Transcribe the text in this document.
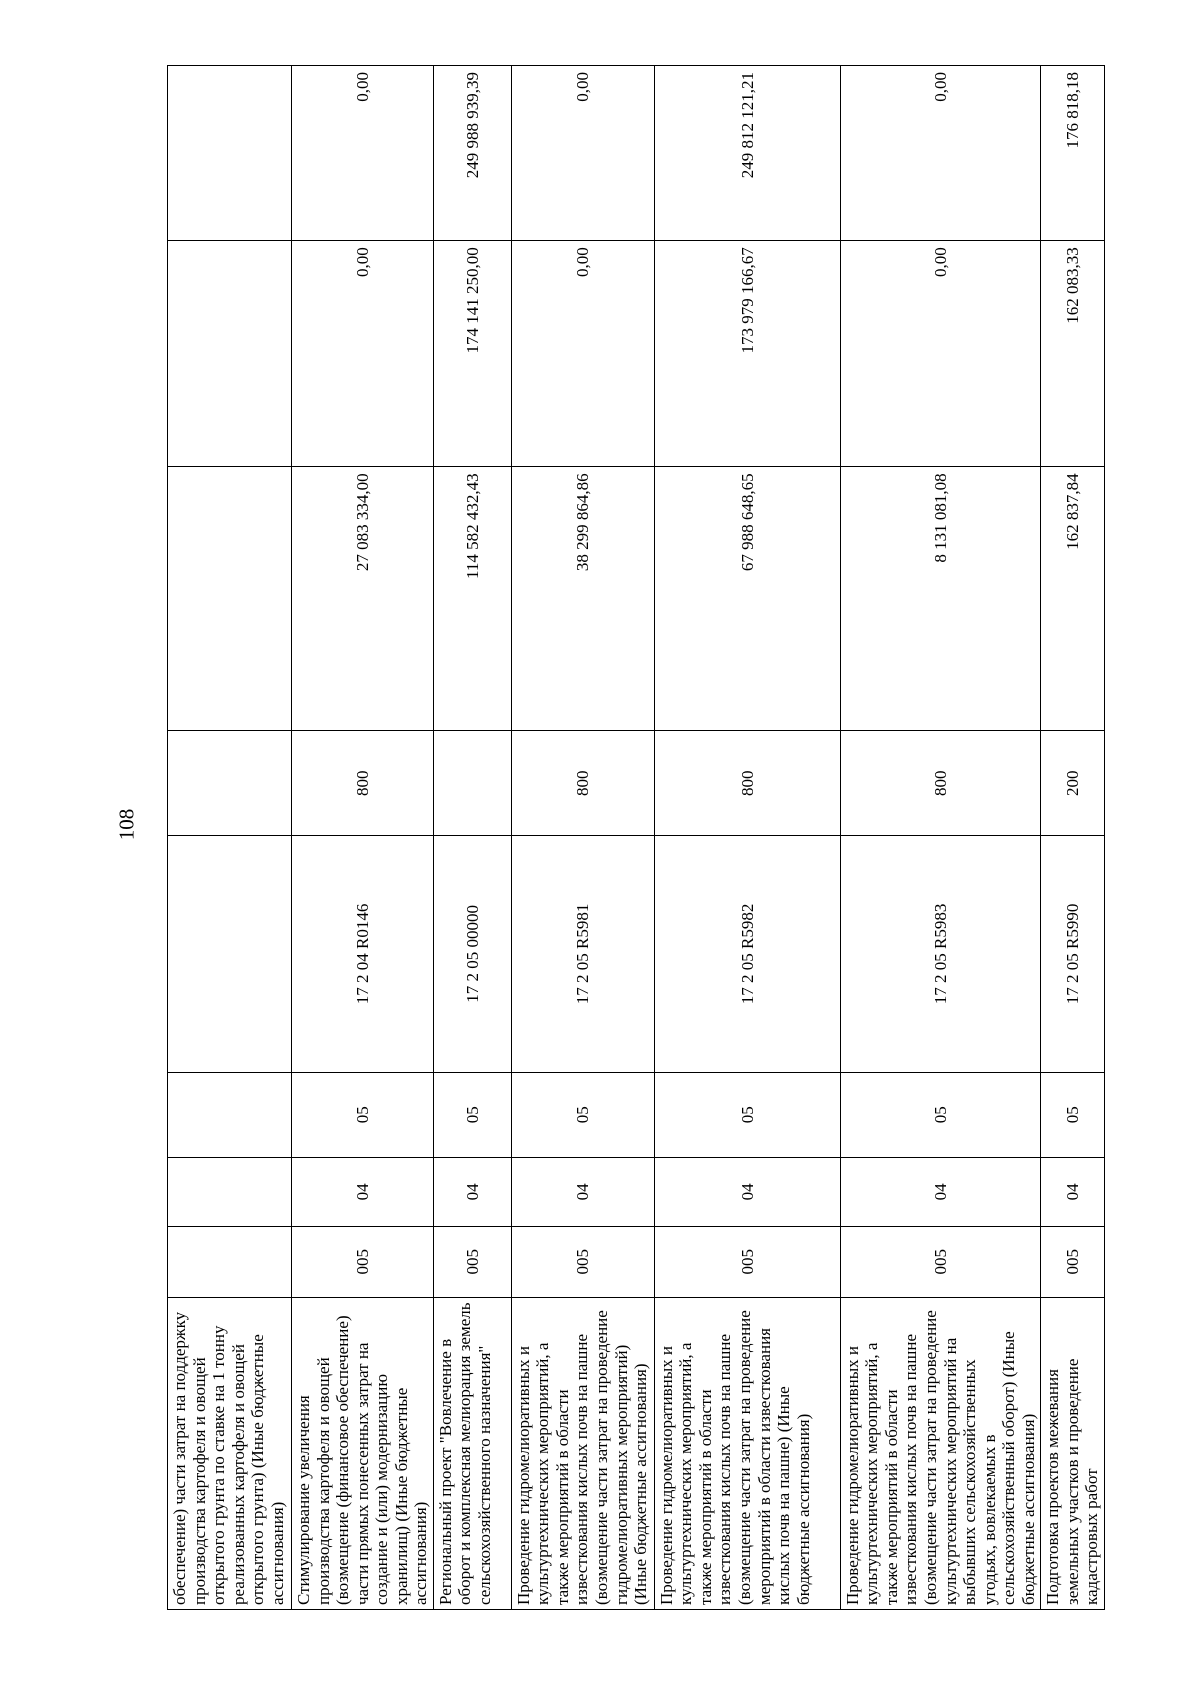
108
обеспечение) части затрат на поддержку производства картофеля и овощей открытого грунта по ставке на 1 тонну реализованных картофеля и овощей открытого грунта) (Иные бюджетные ассигнования)								
Стимулирование увеличения производства картофеля и овощей (возмещение (финансовое обеспечение) части прямых понесенных затрат на создание и (или) модернизацию хранилищ) (Иные бюджетные ассигнования)	005	04	05	17 2 04 R0146	800	27 083 334,00	0,00	0,00
Региональный проект "Вовлечение в оборот и комплексная мелиорация земель сельскохозяйственного назначения"	005	04	05	17 2 05 00000		114 582 432,43	174 141 250,00	249 988 939,39
Проведение гидромелиоративных и культуртехнических мероприятий, а также мероприятий в области известкования кислых почв на пашне (возмещение части затрат на проведение гидромелиоративных мероприятий) (Иные бюджетные ассигнования)	005	04	05	17 2 05 R5981	800	38 299 864,86	0,00	0,00
Проведение гидромелиоративных и культуртехнических мероприятий, а также мероприятий в области известкования кислых почв на пашне (возмещение части затрат на проведение мероприятий в области известкования кислых почв на пашне) (Иные бюджетные ассигнования)	005	04	05	17 2 05 R5982	800	67 988 648,65	173 979 166,67	249 812 121,21
Проведение гидромелиоративных и культуртехнических мероприятий, а также мероприятий в области известкования кислых почв на пашне (возмещение части затрат на проведение культуртехнических мероприятий на выбывших сельскохозяйственных угодьях, вовлекаемых в сельскохозяйственный оборот) (Иные бюджетные ассигнования)	005	04	05	17 2 05 R5983	800	8 131 081,08	0,00	0,00
Подготовка проектов межевания земельных участков и проведение кадастровых работ	005	04	05	17 2 05 R5990	200	162 837,84	162 083,33	176 818,18
